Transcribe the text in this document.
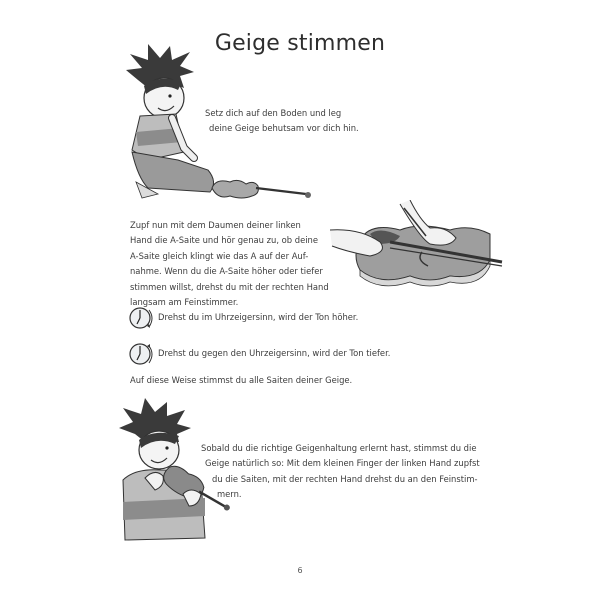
Geige stimmen
Setz dich auf den Boden und leg
deine Geige behutsam vor dich hin.
Zupf nun mit dem Daumen deiner linken
Hand die A-Saite und hör genau zu, ob deine
A-Saite gleich klingt wie das A auf der Auf-
nahme. Wenn du die A-Saite höher oder tiefer
stimmen willst, drehst du mit der rechten Hand
langsam am Feinstimmer.
Drehst du im Uhrzeigersinn, wird der Ton höher.
Drehst du gegen den Uhrzeigersinn, wird der Ton tiefer.
Auf diese Weise stimmst du alle Saiten deiner Geige.
Sobald du die richtige Geigenhaltung erlernt hast, stimmst du die
Geige natürlich so: Mit dem kleinen Finger der linken Hand zupfst
du die Saiten, mit der rechten Hand drehst du an den Feinstim-
mern.
6
